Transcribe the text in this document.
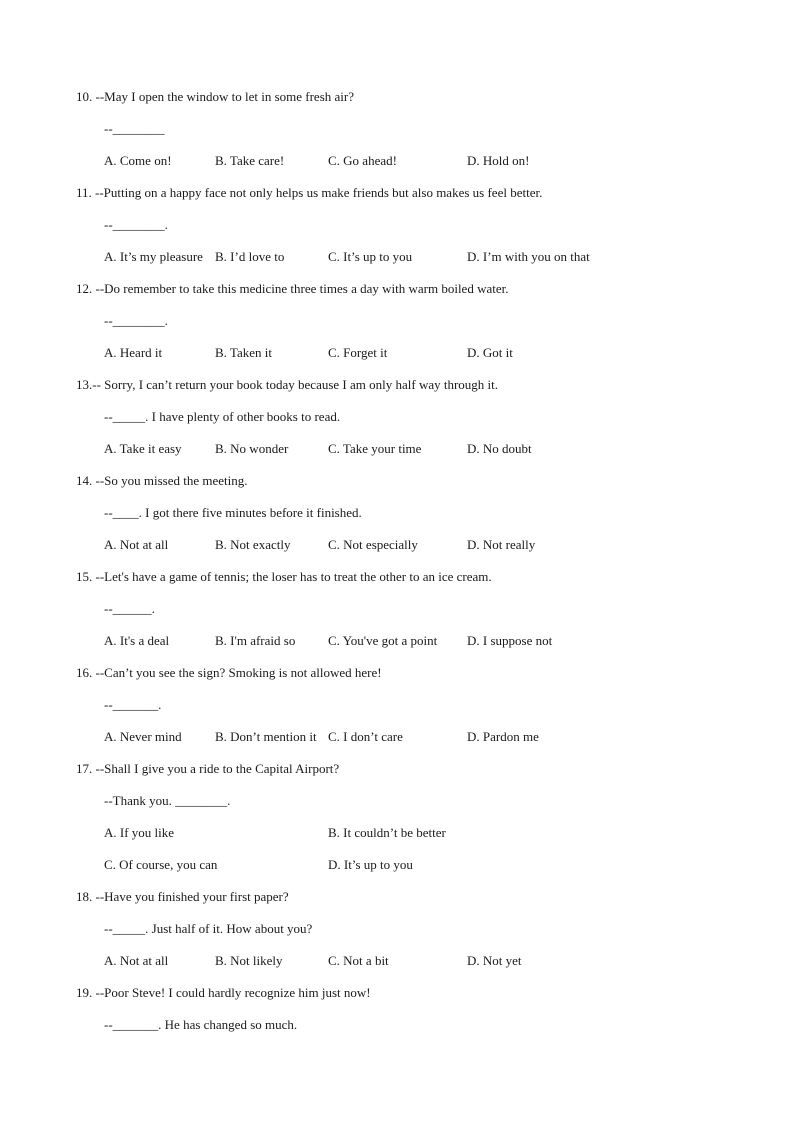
10. --May I open the window to let in some fresh air?
--________
A. Come on!	B. Take care!	C. Go ahead!	D. Hold on!
11. --Putting on a happy face not only helps us make friends but also makes us feel better.
--________.
A. It’s my pleasure B. I’d love to	C. It’s up to you	D. I’m with you on that
12. --Do remember to take this medicine three times a day with warm boiled water.
--________.
A. Heard it	B. Taken it	C. Forget it	D. Got it
13.-- Sorry, I can’t return your book today because I am only half way through it.
--_____. I have plenty of other books to read.
A. Take it easy	B. No wonder	C. Take your time	D. No doubt
14. --So you missed the meeting.
--____. I got there five minutes before it finished.
A. Not at all	B. Not exactly	C. Not especially	D. Not really
15. --Let's have a game of tennis; the loser has to treat the other to an ice cream.
--______.
A. It's a deal	B. I'm afraid so	C. You've got a point D. I suppose not
16. --Can’t you see the sign? Smoking is not allowed here!
--_______.
A. Never mind	B. Don’t mention it C. I don’t care	D. Pardon me
17. --Shall I give you a ride to the Capital Airport?
--Thank you. ________.
A. If you like	B. It couldn’t be better
C. Of course, you can	D. It’s up to you
18. --Have you finished your first paper?
--_____. Just half of it. How about you?
A. Not at all	B. Not likely	C. Not a bit	D. Not yet
19. --Poor Steve! I could hardly recognize him just now!
--_______. He has changed so much.
